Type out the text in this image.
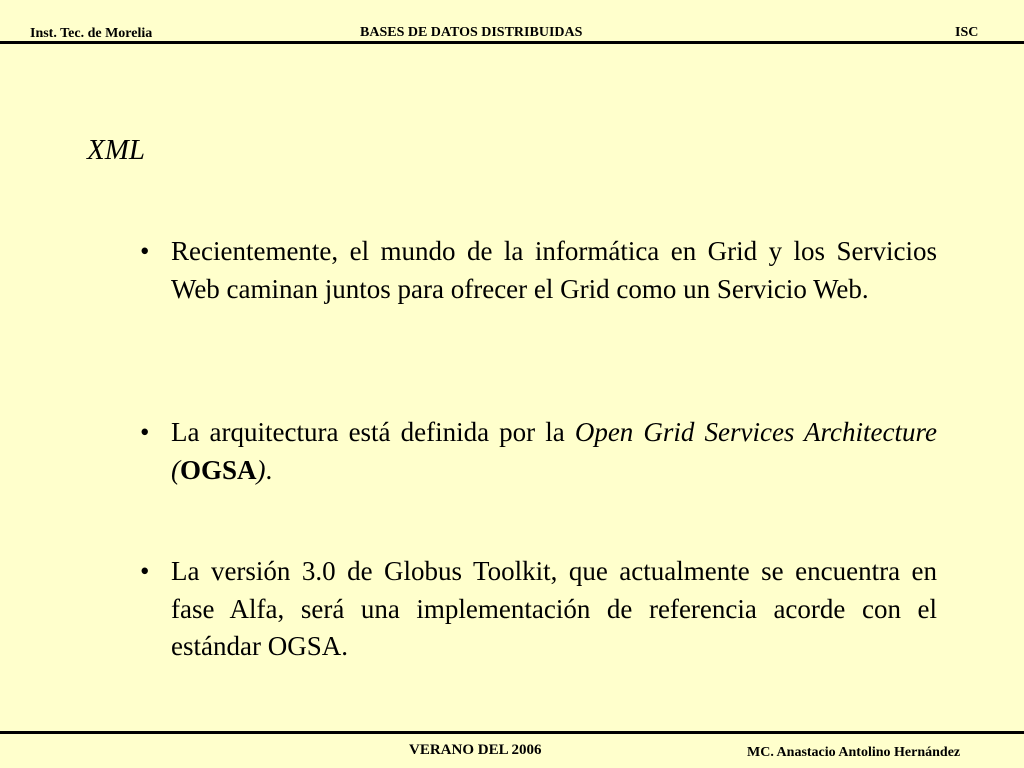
Inst. Tec. de Morelia	BASES DE DATOS DISTRIBUIDAS	ISC
XML
• Recientemente, el mundo de la informática en Grid y los Servicios Web caminan juntos para ofrecer el Grid como un Servicio Web.
• La arquitectura está definida por la Open Grid Services Architecture (OGSA).
• La versión 3.0 de Globus Toolkit, que actualmente se encuentra en fase Alfa, será una implementación de referencia acorde con el estándar OGSA.
VERANO DEL 2006	MC. Anastacio Antolino Hernández
